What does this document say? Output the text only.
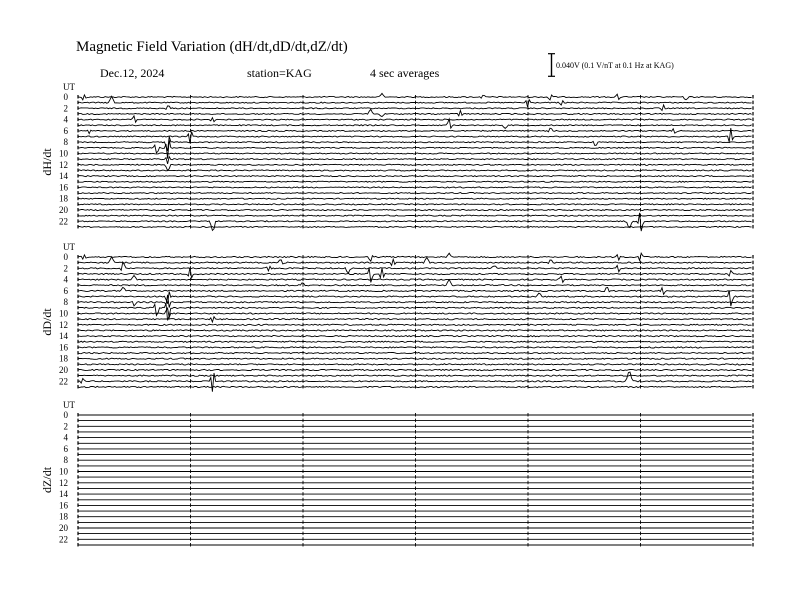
Magnetic Field Variation (dH/dt,dD/dt,dZ/dt)
Dec.12, 2024	station=KAG	4 sec averages
0.040V (0.1 V/nT at 0.1 Hz at KAG)
UT
0
2
4
6
8
10
12
14
16
18
20
22
dH/dt
UT
0
2
4
6
8
10
12
14
16
18
20
22
dD/dt
UT
0
2
4
6
8
10
12
14
16
18
20
22
dZ/dt
